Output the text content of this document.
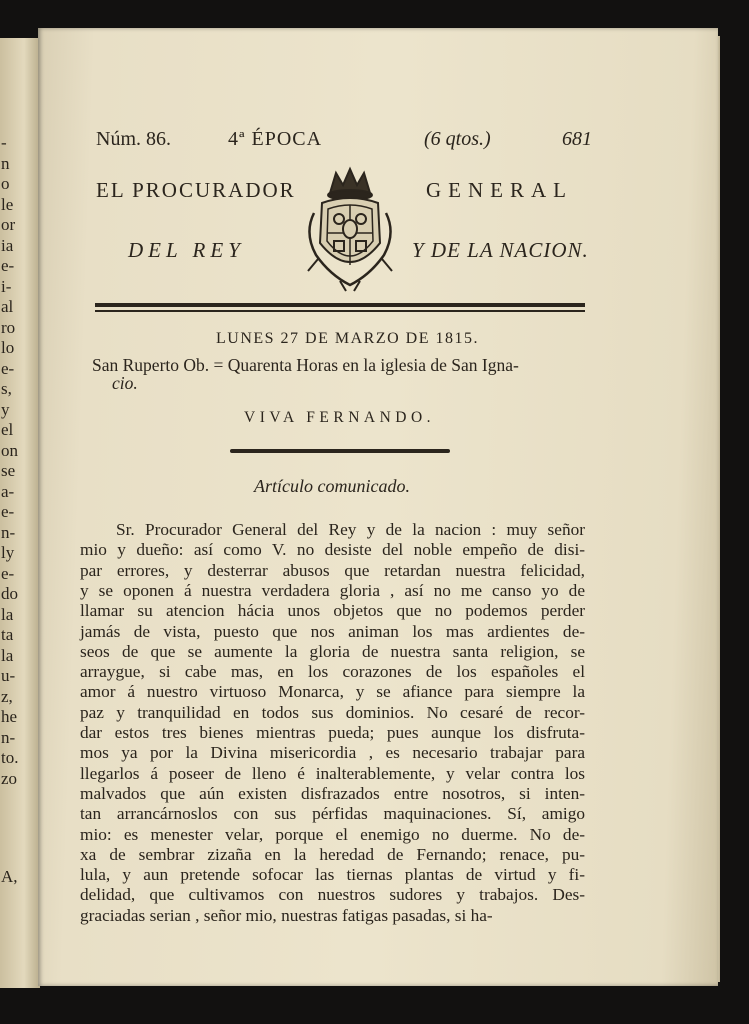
-
n
o
le
or
ia
e-
i-
al
ro
lo
e-
s,
y
el
on
se
a-
e-
n-
ly
e-
do
la
ta
la
u-
z,
he
n-
to.
zo
A,
Núm. 86.	4ª ÉPOCA	(6 qtos.)	681
EL PROCURADOR	GENERAL
DEL REY	Y DE LA NACION.
LUNES 27 DE MARZO DE 1815.
San Ruperto Ob. = Quarenta Horas en la iglesia de San Igna-
cio.
VIVA FERNANDO.
Artículo comunicado.
Sr. Procurador General del Rey y de la nacion : muy señor
mio y dueño: así como V. no desiste del noble empeño de disi-
par errores, y desterrar abusos que retardan nuestra felicidad,
y se oponen á nuestra verdadera gloria , así no me canso yo de
llamar su atencion hácia unos objetos que no podemos perder
jamás de vista, puesto que nos animan los mas ardientes de-
seos de que se aumente la gloria de nuestra santa religion, se
arraygue, si cabe mas, en los corazones de los españoles el
amor á nuestro virtuoso Monarca, y se afiance para siempre la
paz y tranquilidad en todos sus dominios. No cesaré de recor-
dar estos tres bienes mientras pueda; pues aunque los disfruta-
mos ya por la Divina misericordia , es necesario trabajar para
llegarlos á poseer de lleno é inalterablemente, y velar contra los
malvados que aún existen disfrazados entre nosotros, si inten-
tan arrancárnoslos con sus pérfidas maquinaciones. Sí, amigo
mio: es menester velar, porque el enemigo no duerme. No de-
xa de sembrar zizaña en la heredad de Fernando; renace, pu-
lula, y aun pretende sofocar las tiernas plantas de virtud y fi-
delidad, que cultivamos con nuestros sudores y trabajos. Des-
graciadas serian , señor mio, nuestras fatigas pasadas, si ha-
